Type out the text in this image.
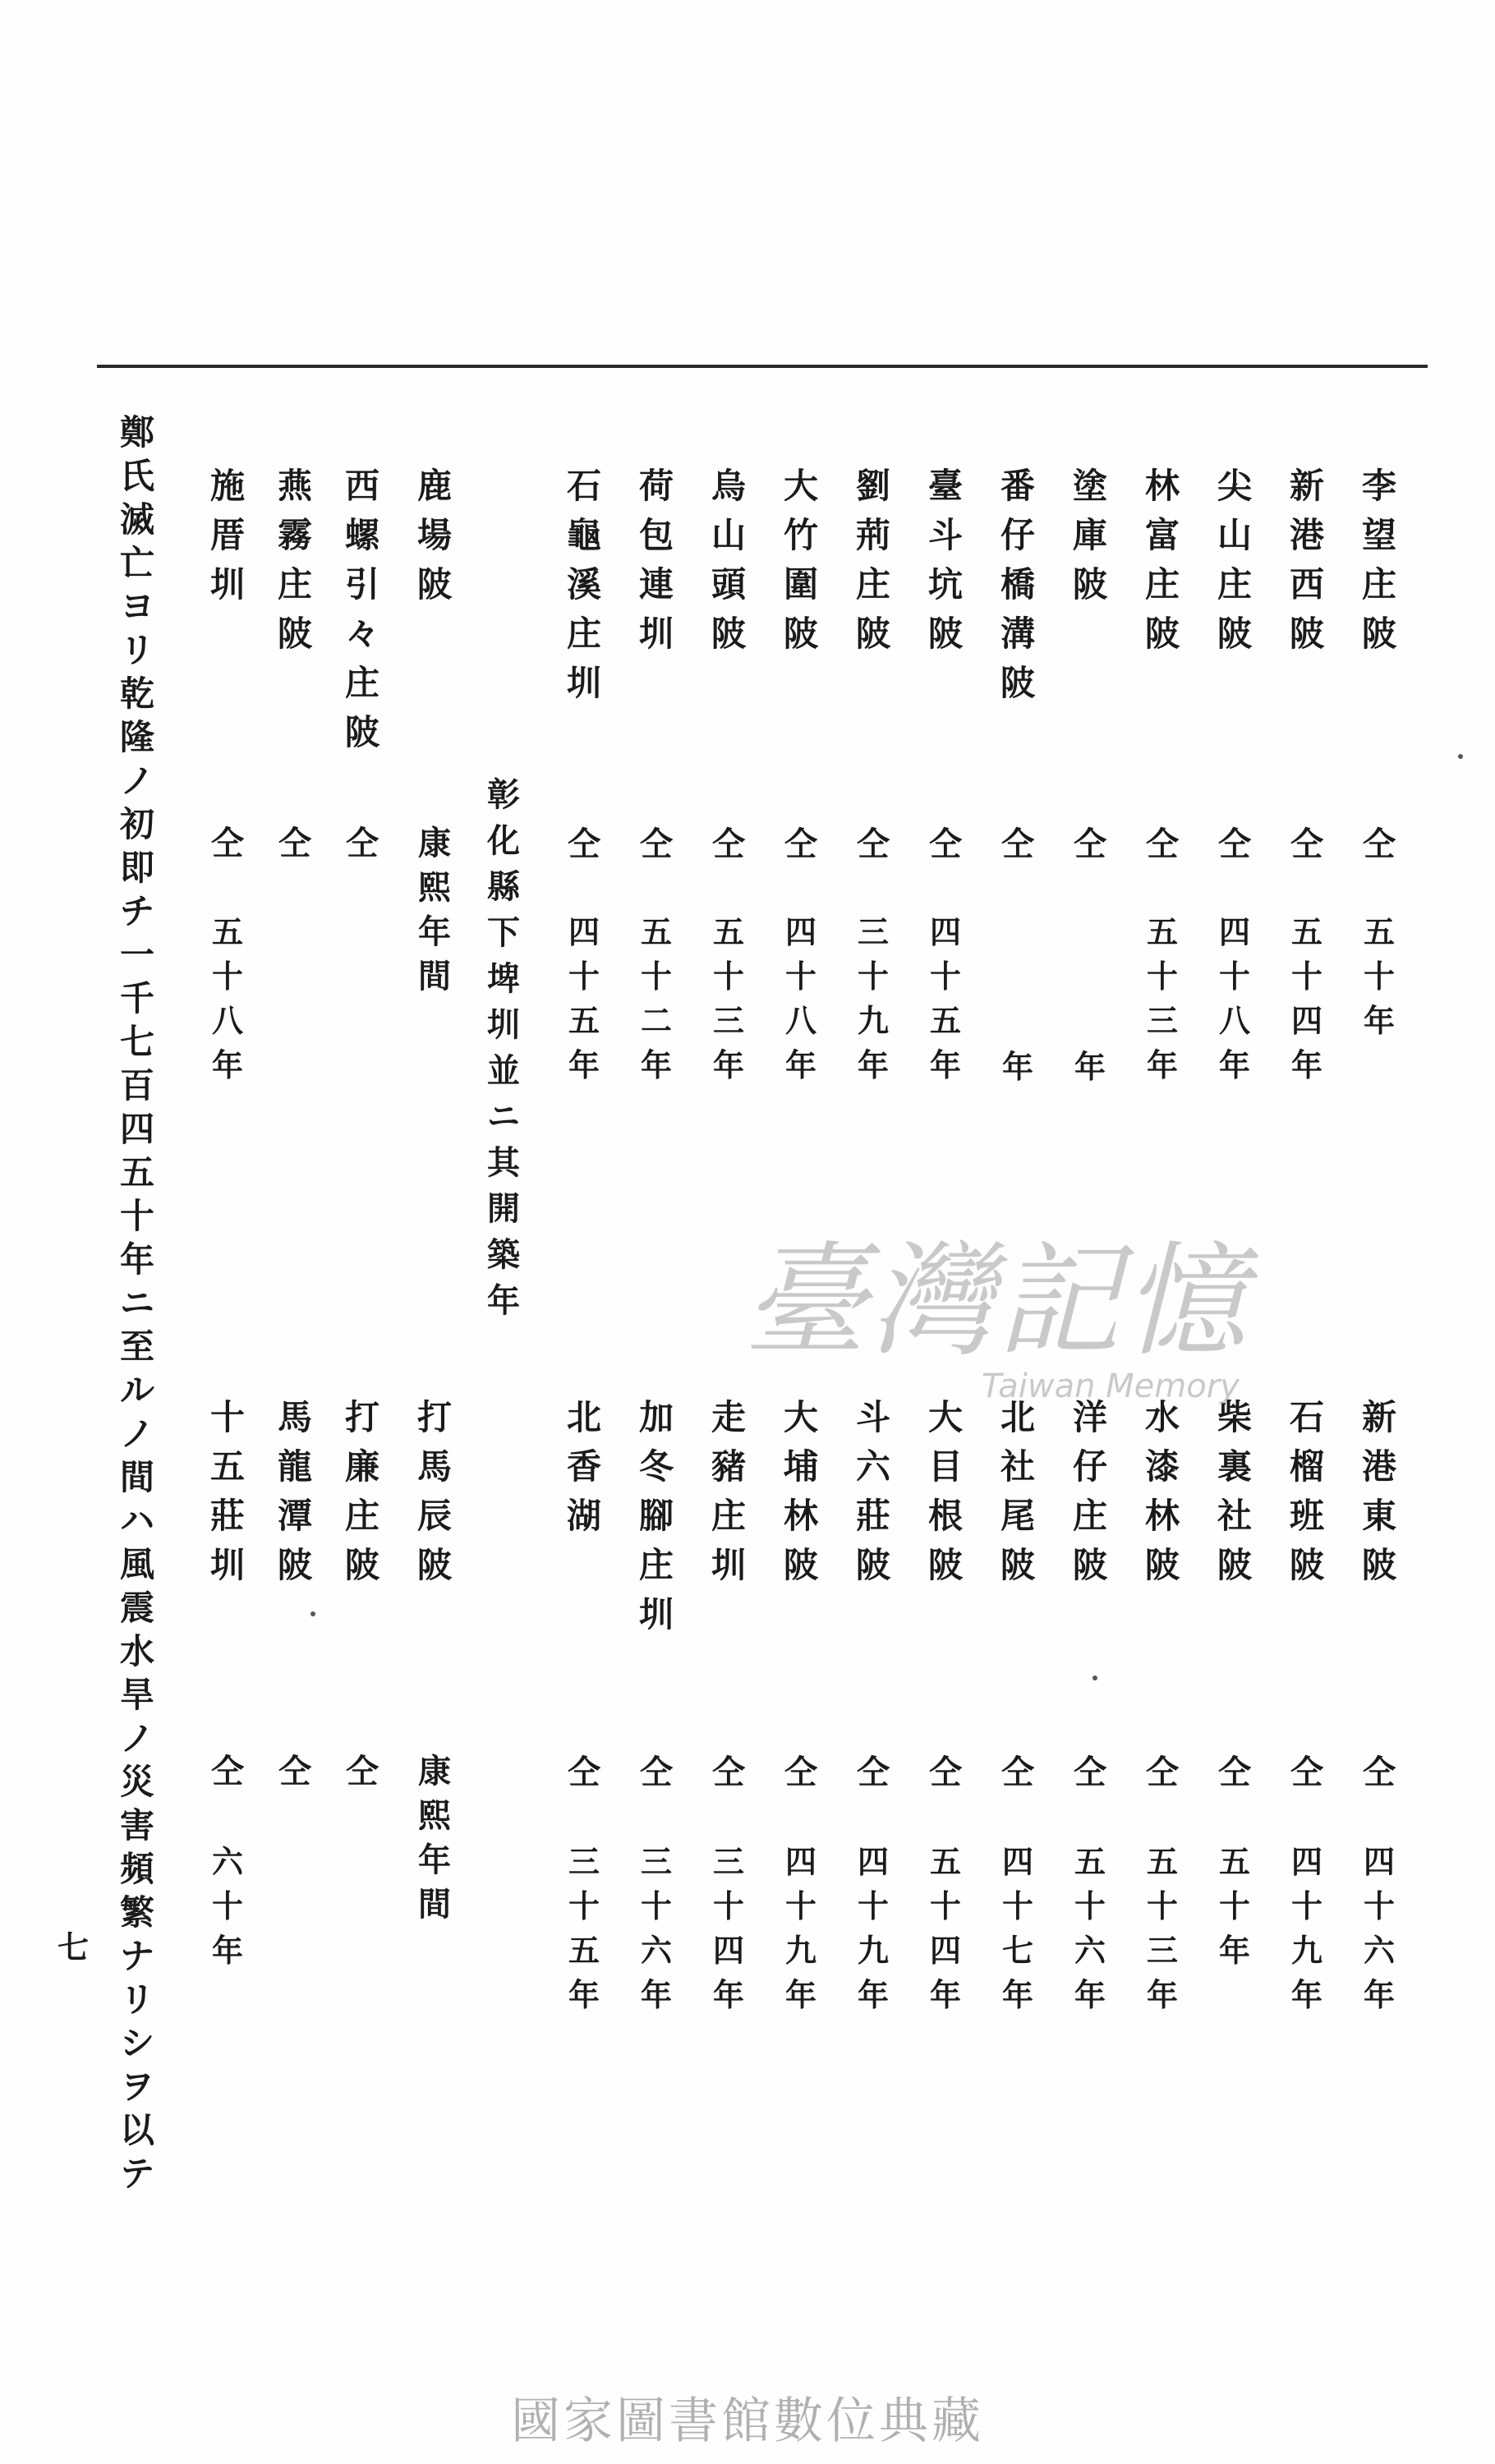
李
望
庄
陂
仝
五
十
年
新
港
東
陂
仝
四
十
六
年
新
港
西
陂
仝
五
十
四
年
石
榴
班
陂
仝
四
十
九
年
尖
山
庄
陂
仝
四
十
八
年
柴
裏
社
陂
仝
五
十
年
林
富
庄
陂
仝
五
十
三
年
水
漆
林
陂
仝
五
十
三
年
塗
庫
陂
仝
年
洋
仔
庄
陂
仝
五
十
六
年
番
仔
橋
溝
陂
仝
年
北
社
尾
陂
仝
四
十
七
年
臺
斗
坑
陂
仝
四
十
五
年
大
目
根
陂
仝
五
十
四
年
劉
荊
庄
陂
仝
三
十
九
年
斗
六
莊
陂
仝
四
十
九
年
大
竹
圍
陂
仝
四
十
八
年
大
埔
林
陂
仝
四
十
九
年
烏
山
頭
陂
仝
五
十
三
年
走
豬
庄
圳
仝
三
十
四
年
荷
包
連
圳
仝
五
十
二
年
加
冬
腳
庄
圳
仝
三
十
六
年
石
龜
溪
庄
圳
仝
四
十
五
年
北
香
湖
仝
三
十
五
年
彰
化
縣
下
埤
圳
並
ニ
其
開
築
年
鹿
場
陂
康
熙
年
間
打
馬
辰
陂
康
熙
年
間
西
螺
引
々
庄
陂
仝
打
廉
庄
陂
仝
燕
霧
庄
陂
仝
馬
龍
潭
陂
仝
施
厝
圳
仝
五
十
八
年
十
五
莊
圳
仝
六
十
年
鄭
氏
滅
亡
ヨ
リ
乾
隆
ノ
初
即
チ
一
千
七
百
四
五
十
年
ニ
至
ル
ノ
間
ハ
風
震
水
旱
ノ
災
害
頻
繁
ナ
リ
シ
ヲ
以
テ
七
臺灣記憶
Taiwan Memory
國家圖書館數位典藏
